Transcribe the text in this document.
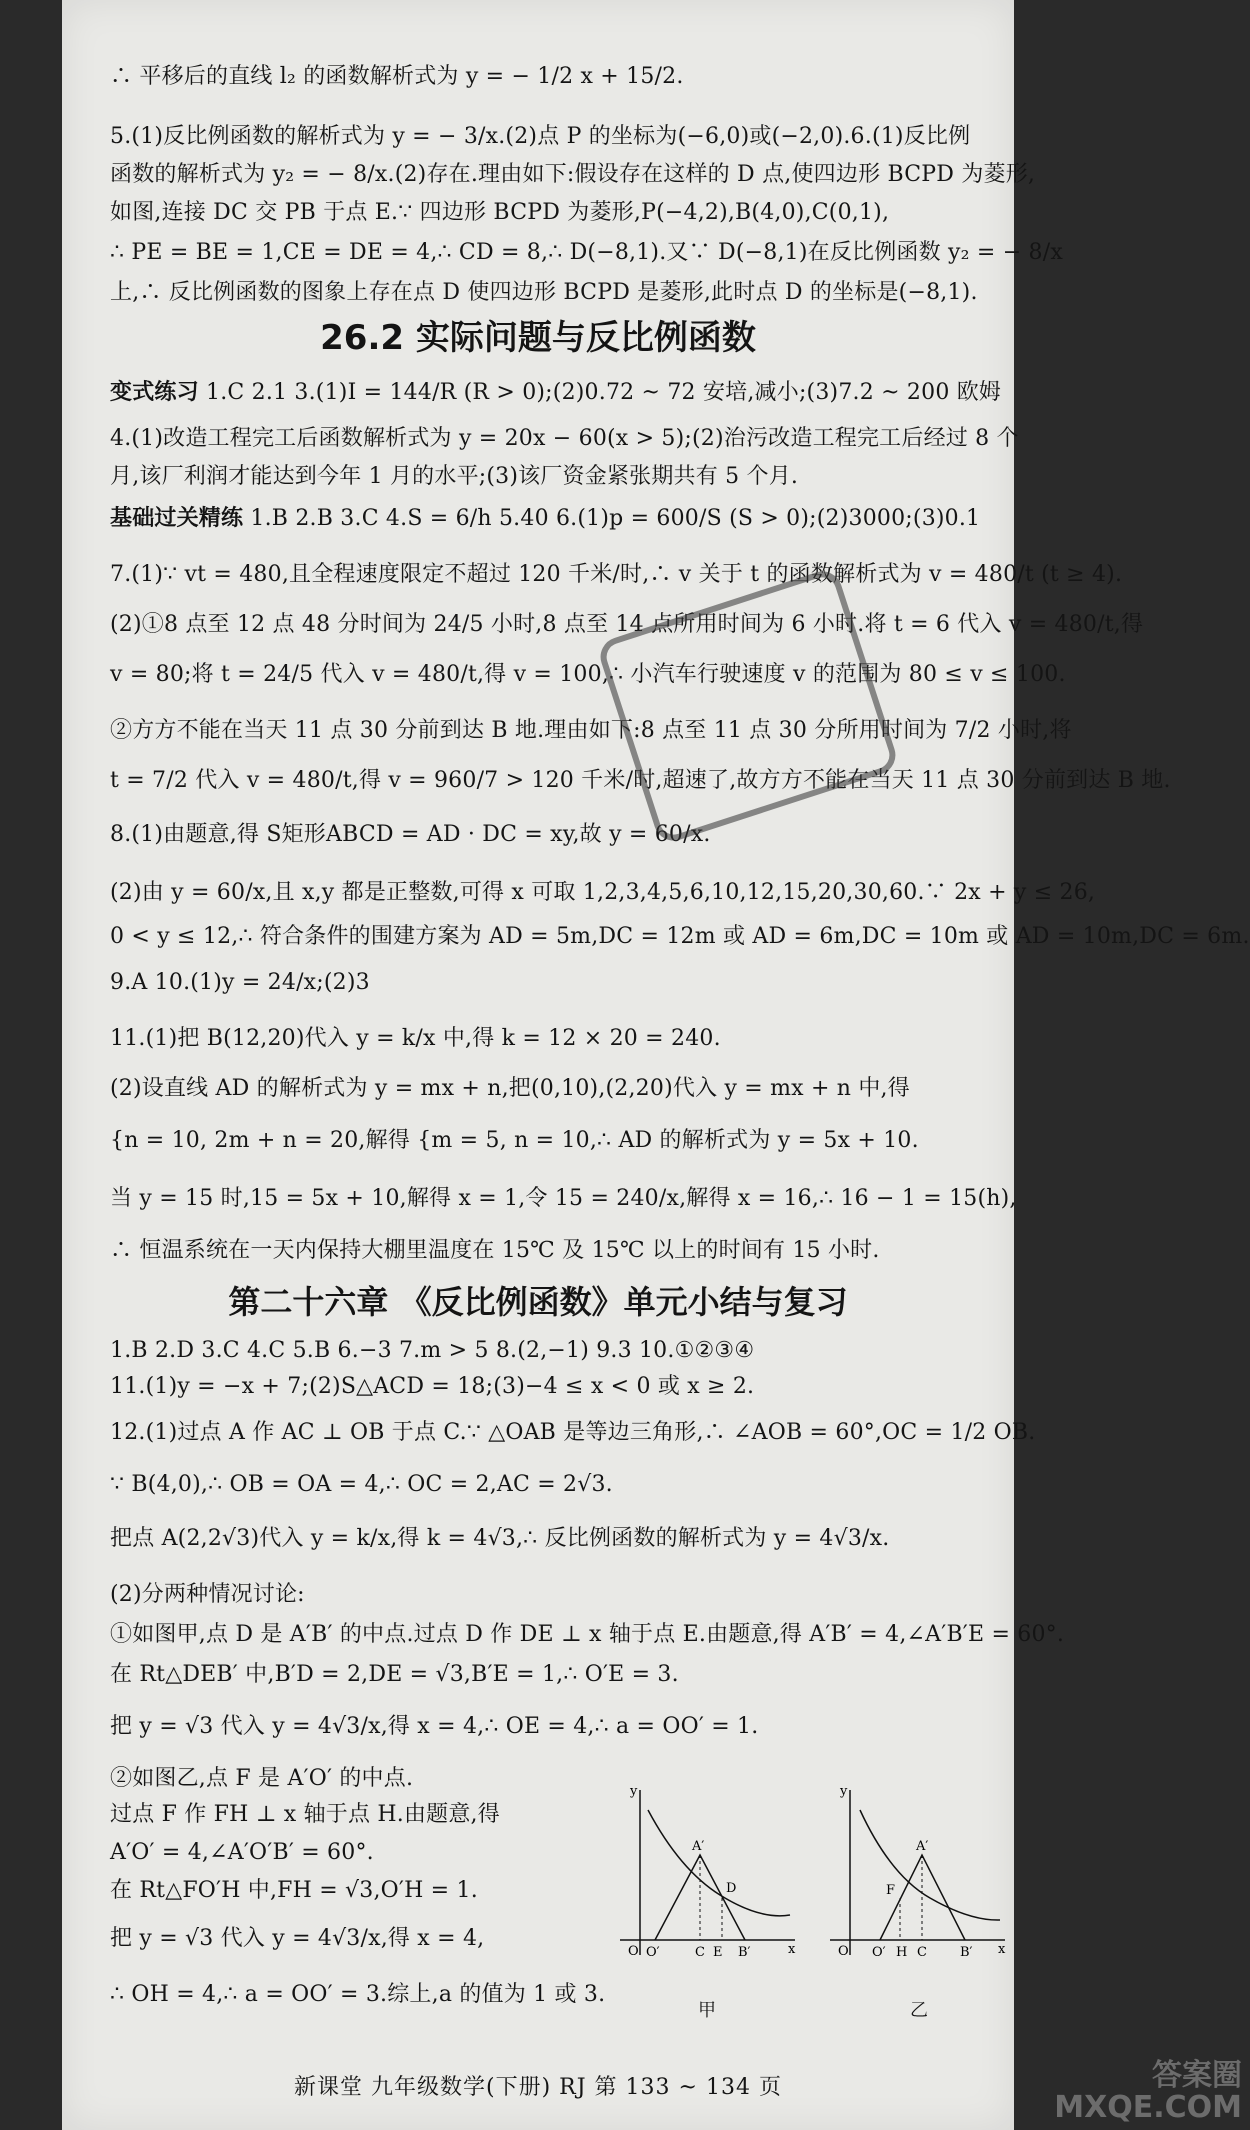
∴ 平移后的直线 l₂ 的函数解析式为 y = − 1/2 x + 15/2.
5.(1)反比例函数的解析式为 y = − 3/x.(2)点 P 的坐标为(−6,0)或(−2,0).6.(1)反比例
函数的解析式为 y₂ = − 8/x.(2)存在.理由如下:假设存在这样的 D 点,使四边形 BCPD 为菱形,
如图,连接 DC 交 PB 于点 E.∵ 四边形 BCPD 为菱形,P(−4,2),B(4,0),C(0,1),
∴ PE = BE = 1,CE = DE = 4,∴ CD = 8,∴ D(−8,1).又∵ D(−8,1)在反比例函数 y₂ = − 8/x
上,∴ 反比例函数的图象上存在点 D 使四边形 BCPD 是菱形,此时点 D 的坐标是(−8,1).
26.2 实际问题与反比例函数
变式练习 1.C 2.1 3.(1)I = 144/R (R > 0);(2)0.72 ~ 72 安培,减小;(3)7.2 ~ 200 欧姆
4.(1)改造工程完工后函数解析式为 y = 20x − 60(x > 5);(2)治污改造工程完工后经过 8 个
月,该厂利润才能达到今年 1 月的水平;(3)该厂资金紧张期共有 5 个月.
基础过关精练 1.B 2.B 3.C 4.S = 6/h 5.40 6.(1)p = 600/S (S > 0);(2)3000;(3)0.1
7.(1)∵ vt = 480,且全程速度限定不超过 120 千米/时,∴ v 关于 t 的函数解析式为 v = 480/t (t ≥ 4).
(2)①8 点至 12 点 48 分时间为 24/5 小时,8 点至 14 点所用时间为 6 小时.将 t = 6 代入 v = 480/t,得
v = 80;将 t = 24/5 代入 v = 480/t,得 v = 100,∴ 小汽车行驶速度 v 的范围为 80 ≤ v ≤ 100.
②方方不能在当天 11 点 30 分前到达 B 地.理由如下:8 点至 11 点 30 分所用时间为 7/2 小时,将
t = 7/2 代入 v = 480/t,得 v = 960/7 > 120 千米/时,超速了,故方方不能在当天 11 点 30 分前到达 B 地.
8.(1)由题意,得 S矩形ABCD = AD · DC = xy,故 y = 60/x.
(2)由 y = 60/x,且 x,y 都是正整数,可得 x 可取 1,2,3,4,5,6,10,12,15,20,30,60.∵ 2x + y ≤ 26,
0 < y ≤ 12,∴ 符合条件的围建方案为 AD = 5m,DC = 12m 或 AD = 6m,DC = 10m 或 AD = 10m,DC = 6m.
9.A 10.(1)y = 24/x;(2)3
11.(1)把 B(12,20)代入 y = k/x 中,得 k = 12 × 20 = 240.
(2)设直线 AD 的解析式为 y = mx + n,把(0,10),(2,20)代入 y = mx + n 中,得
{n = 10, 2m + n = 20,解得 {m = 5, n = 10,∴ AD 的解析式为 y = 5x + 10.
当 y = 15 时,15 = 5x + 10,解得 x = 1,令 15 = 240/x,解得 x = 16,∴ 16 − 1 = 15(h),
∴ 恒温系统在一天内保持大棚里温度在 15℃ 及 15℃ 以上的时间有 15 小时.
第二十六章 《反比例函数》单元小结与复习
1.B 2.D 3.C 4.C 5.B 6.−3 7.m > 5 8.(2,−1) 9.3 10.①②③④
11.(1)y = −x + 7;(2)S△ACD = 18;(3)−4 ≤ x < 0 或 x ≥ 2.
12.(1)过点 A 作 AC ⊥ OB 于点 C.∵ △OAB 是等边三角形,∴ ∠AOB = 60°,OC = 1/2 OB.
∵ B(4,0),∴ OB = OA = 4,∴ OC = 2,AC = 2√3.
把点 A(2,2√3)代入 y = k/x,得 k = 4√3,∴ 反比例函数的解析式为 y = 4√3/x.
(2)分两种情况讨论:
①如图甲,点 D 是 A′B′ 的中点.过点 D 作 DE ⊥ x 轴于点 E.由题意,得 A′B′ = 4,∠A′B′E = 60°.
在 Rt△DEB′ 中,B′D = 2,DE = √3,B′E = 1,∴ O′E = 3.
把 y = √3 代入 y = 4√3/x,得 x = 4,∴ OE = 4,∴ a = OO′ = 1.
②如图乙,点 F 是 A′O′ 的中点.
过点 F 作 FH ⊥ x 轴于点 H.由题意,得
A′O′ = 4,∠A′O′B′ = 60°.
在 Rt△FO′H 中,FH = √3,O′H = 1.
把 y = √3 代入 y = 4√3/x,得 x = 4,
∴ OH = 4,∴ a = OO′ = 3.综上,a 的值为 1 或 3.
O O′	C E B′
A′
D
y
x
甲
O O′ H C	B′
A′
F
y
x
乙
新课堂 九年级数学(下册) RJ 第 133 ~ 134 页	答案圈
MXQE.COM
